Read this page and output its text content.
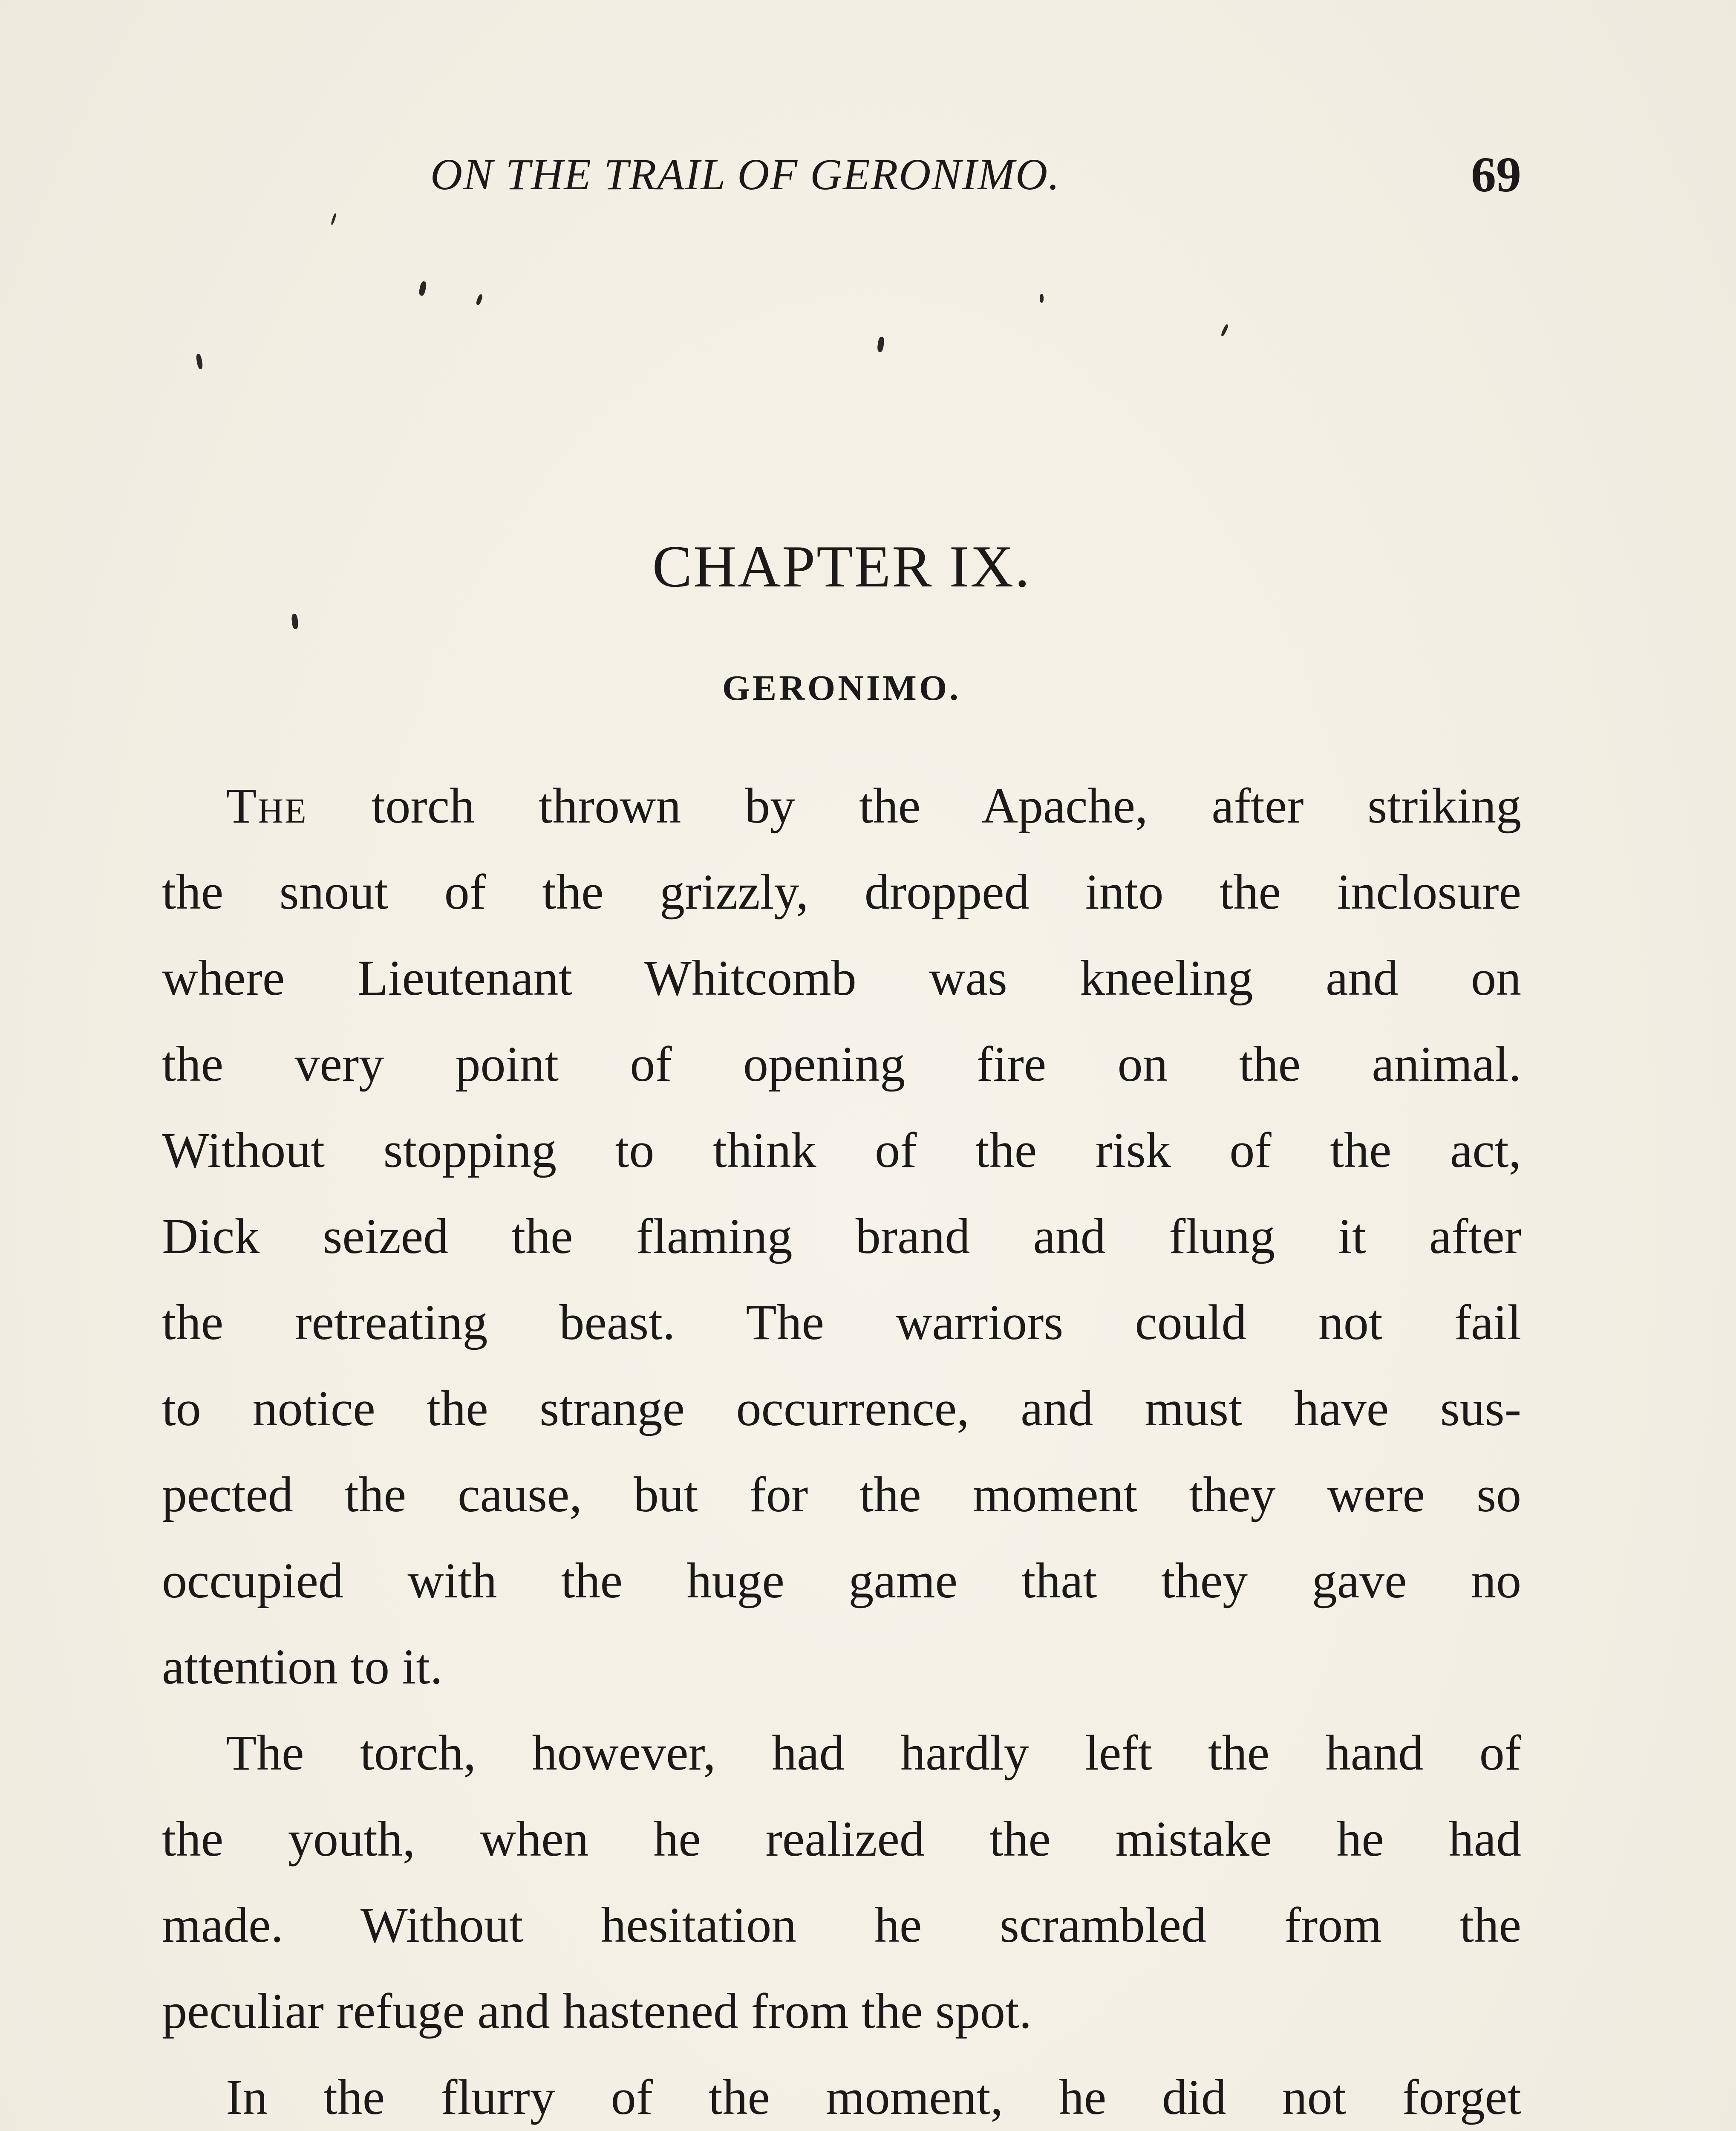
ON THE TRAIL OF GERONIMO.	69
CHAPTER IX.
GERONIMO.
The torch thrown by the Apache, after striking
the snout of the grizzly, dropped into the inclosure
where Lieutenant Whitcomb was kneeling and on
the very point of opening fire on the animal.
Without stopping to think of the risk of the act,
Dick seized the flaming brand and flung it after
the retreating beast. The warriors could not fail
to notice the strange occurrence, and must have sus-
pected the cause, but for the moment they were so
occupied with the huge game that they gave no
attention to it.
The torch, however, had hardly left the hand of
the youth, when he realized the mistake he had
made. Without hesitation he scrambled from the
peculiar refuge and hastened from the spot.
In the flurry of the moment, he did not forget
